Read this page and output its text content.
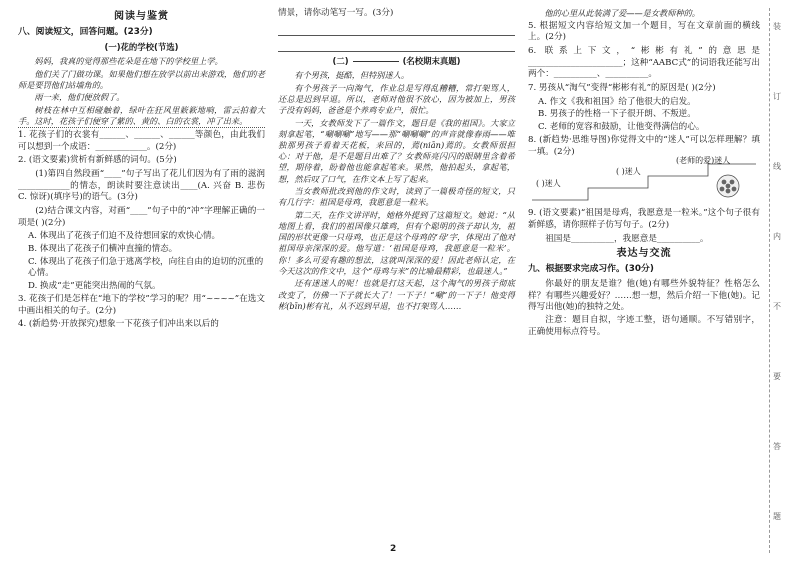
阅读与鉴赏
八、阅读短文，回答问题。(23分)
(一)花的学校(节选)
妈妈，我真的觉得那些花朵是在地下的学校里上学。
他们关了门做功课。如果他们想在放学以前出来游戏，他们的老师是要罚他们站墙角的。
雨一来，他们便放假了。
树枝在林中互相碰触着，绿叶在狂风里簌簌地响，雷云拍着大手。这时，花孩子们便穿了紫的、黄的、白的衣裳，冲了出来。
1. 花孩子们的衣裳有______、______、______等颜色，由此我们可以想到一个成语：____________。(2分)
2. (语文要素)赏析有新鲜感的词句。(5分)
(1)第四自然段画“____”句子写出了花儿们因为有了雨的滋润____________的情态，朗读时要注意读出____(A. 兴奋 B. 悲伤 C. 惊讶)(填序号)的语气。(3分)
(2)结合课文内容，对画“____”句子中的“冲”字理解正确的一项是( )(2分)
A. 体现出了花孩子们迫不及待想回家的欢快心情。
B. 体现出了花孩子们横冲直撞的情态。
C. 体现出了花孩子们急于逃离学校，向往自由的迫切的沉重的心情。
D. 换成“走”更能突出热闹的气氛。
3. 花孩子们是怎样在“地下的学校”学习的呢？用“~~~~”在选文中画出相关的句子。(2分)
4. (新趋势·开放探究)想象一下花孩子们冲出来以后的
情景，请你动笔写一写。(3分)
(二)	(名校期末真题)
有个男孩，挺酷，但特别迷人。
有个男孩子一向淘气，作业总是写得乱糟糟，常打架骂人，还总是迟到早退。所以，老师对他很不放心，因为被加上，男孩子没有妈妈，爸爸是个养鸡专业户，很忙。
一天，女教师发下了一篇作文，题目是《我的祖国》。大家立刻拿起笔，“唰唰唰”地写——那“唰唰唰”的声音就像春雨——唯独那男孩子看着天花板，来回的，蔫(niān)蔫的。女教师很担心：对于他，是不是题目出难了？女教师亮闪闪的眼睛里含着希望，期待着，盼着他也能拿起笔来。果然，他拍起头，拿起笔，想，然后叹了口气，在作文本上写了起来。
当女教师批改到他的作文时，读到了一篇极奇怪的短文，只有几行字：祖国是母鸡，我愿意是一粒米。
第二天，在作文讲评时，她格外提到了这篇短文。她说：“从地图上看，我们的祖国像只雄鸡，但有个聪明的孩子却认为，祖国的形状更像一只母鸡，也正是这个母鸡的‘母’字，体现出了他对祖国母亲深深的爱。他写道：‘祖国是母鸡，我愿意是一粒米’。你！多么可爱有趣的想法，这就叫深深的爱！因此老师认定，在今天这次的作文中，这个“母鸡与米”的比喻最精彩，也最迷人。”
还有迷迷人的呢！也就是打这天起，这个淘气的男孩子彻底改变了，仿佛一下子就长大了！一下子！“唰”的一下子！他变得彬(bīn)彬有礼，从不迟到早退，也不打架骂人……
他的心里从此装满了爱——是女教师种的。
5. 根据短文内容给短文加一个题目，写在文章前面的横线上。(2分)
6. 联系上下文，“彬彬有礼”的意思是______________________；这种“AABC式”的词语我还能写出两个：__________、__________。
7. 男孩从“淘气”变得“彬彬有礼”的原因是( )(2分)
A. 作文《我和祖国》给了他很大的启发。
B. 男孩子的性格一下子很开朗、不叛逆。
C. 老师的宽容和鼓励，让他变得满信的心。
8. (新趋势·思维导图)你觉得文中的“迷人”可以怎样理解？填一填。(2分)
(老师的爱)迷人
( )迷人
( )迷人
9. (语文要素)“祖国是母鸡，我愿意是一粒米。”这个句子很有新鲜感，请你照样子仿写句子。(2分)
祖国是__________，我愿意是__________。
表达与交流
九、根据要求完成习作。(30分)
你最好的朋友是谁？他(她)有哪些外貌特征？性格怎么样？有哪些兴趣爱好？……想一想，然后介绍一下他(她)。记得写出他(她)的独特之处。
注意：题目自拟，字迹工整，语句通顺。不写错别字，正确使用标点符号。
装
订
线
内
不
要
答
题
2
